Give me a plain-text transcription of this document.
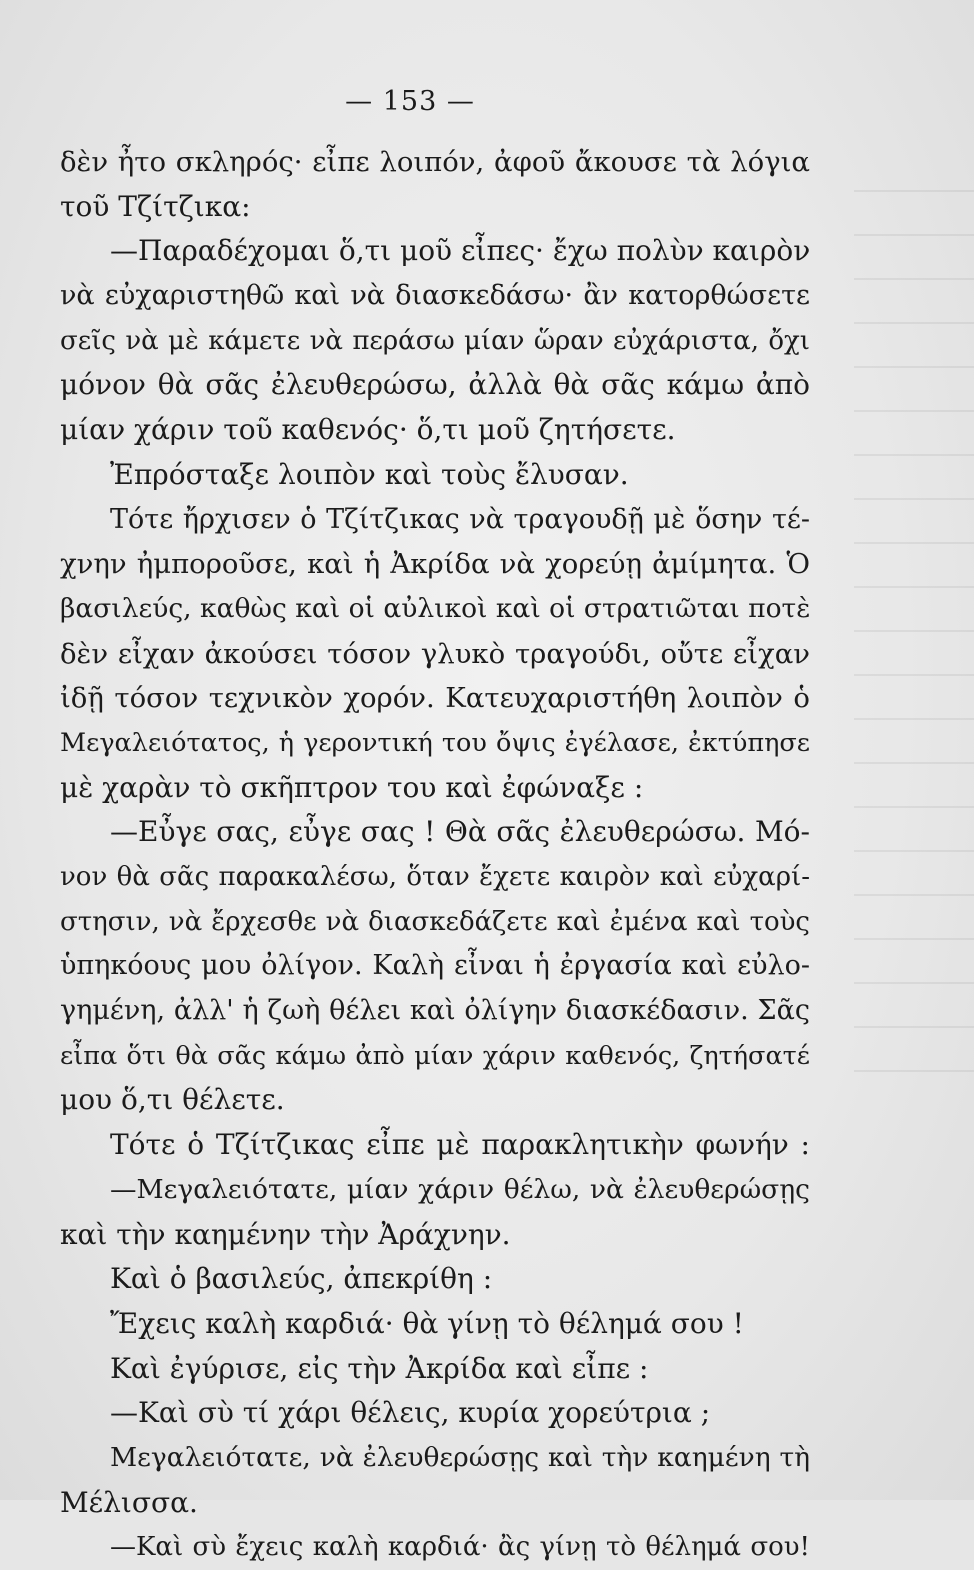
— 153 —
δὲν ἦτο σκληρός· εἶπε λοιπόν, ἀφοῦ ἄκουσε τὰ λόγια
τοῦ Τζίτζικα:
—Παραδέχομαι ὅ,τι μοῦ εἶπες· ἔχω πολὺν καιρὸν
νὰ εὐχαριστηθῶ καὶ νὰ διασκεδάσω· ἂν κατορθώσετε
σεῖς νὰ μὲ κάμετε νὰ περάσω μίαν ὥραν εὐχάριστα, ὄχι
μόνον θὰ σᾶς ἐλευθερώσω, ἀλλὰ θὰ σᾶς κάμω ἀπὸ
μίαν χάριν τοῦ καθενός· ὅ,τι μοῦ ζητήσετε.
Ἐπρόσταξε λοιπὸν καὶ τοὺς ἔλυσαν.
Τότε ἤρχισεν ὁ Τζίτζικας νὰ τραγουδῇ μὲ ὅσην τέ-
χνην ἠμποροῦσε, καὶ ἡ Ἀκρίδα νὰ χορεύῃ ἀμίμητα. Ὁ
βασιλεύς, καθὼς καὶ οἱ αὐλικοὶ καὶ οἱ στρατιῶται ποτὲ
δὲν εἶχαν ἀκούσει τόσον γλυκὸ τραγούδι, οὔτε εἶχαν
ἰδῇ τόσον τεχνικὸν χορόν. Κατευχαριστήθη λοιπὸν ὁ
Μεγαλειότατος, ἡ γεροντική του ὄψις ἐγέλασε, ἐκτύπησε
μὲ χαρὰν τὸ σκῆπτρον του καὶ ἐφώναξε :
—Εὖγε σας, εὖγε σας ! Θὰ σᾶς ἐλευθερώσω. Μό-
νον θὰ σᾶς παρακαλέσω, ὅταν ἔχετε καιρὸν καὶ εὐχαρί-
στησιν, νὰ ἔρχεσθε νὰ διασκεδάζετε καὶ ἐμένα καὶ τοὺς
ὑπηκόους μου ὀλίγον. Καλὴ εἶναι ἡ ἐργασία καὶ εὐλο-
γημένη, ἀλλ' ἡ ζωὴ θέλει καὶ ὀλίγην διασκέδασιν. Σᾶς
εἶπα ὅτι θὰ σᾶς κάμω ἀπὸ μίαν χάριν καθενός, ζητήσατέ
μου ὅ,τι θέλετε.
Τότε ὁ Τζίτζικας εἶπε μὲ παρακλητικὴν φωνήν :
—Μεγαλειότατε, μίαν χάριν θέλω, νὰ ἐλευθερώσῃς
καὶ τὴν καημένην τὴν Ἀράχνην.
Καὶ ὁ βασιλεύς, ἀπεκρίθη :
Ἔχεις καλὴ καρδιά· θὰ γίνῃ τὸ θέλημά σου !
Καὶ ἐγύρισε, εἰς τὴν Ἀκρίδα καὶ εἶπε :
—Καὶ σὺ τί χάρι θέλεις, κυρία χορεύτρια ;
Μεγαλειότατε, νὰ ἐλευθερώσῃς καὶ τὴν καημένη τὴ
Μέλισσα.
—Καὶ σὺ ἔχεις καλὴ καρδιά· ἂς γίνῃ τὸ θέλημά σου!
